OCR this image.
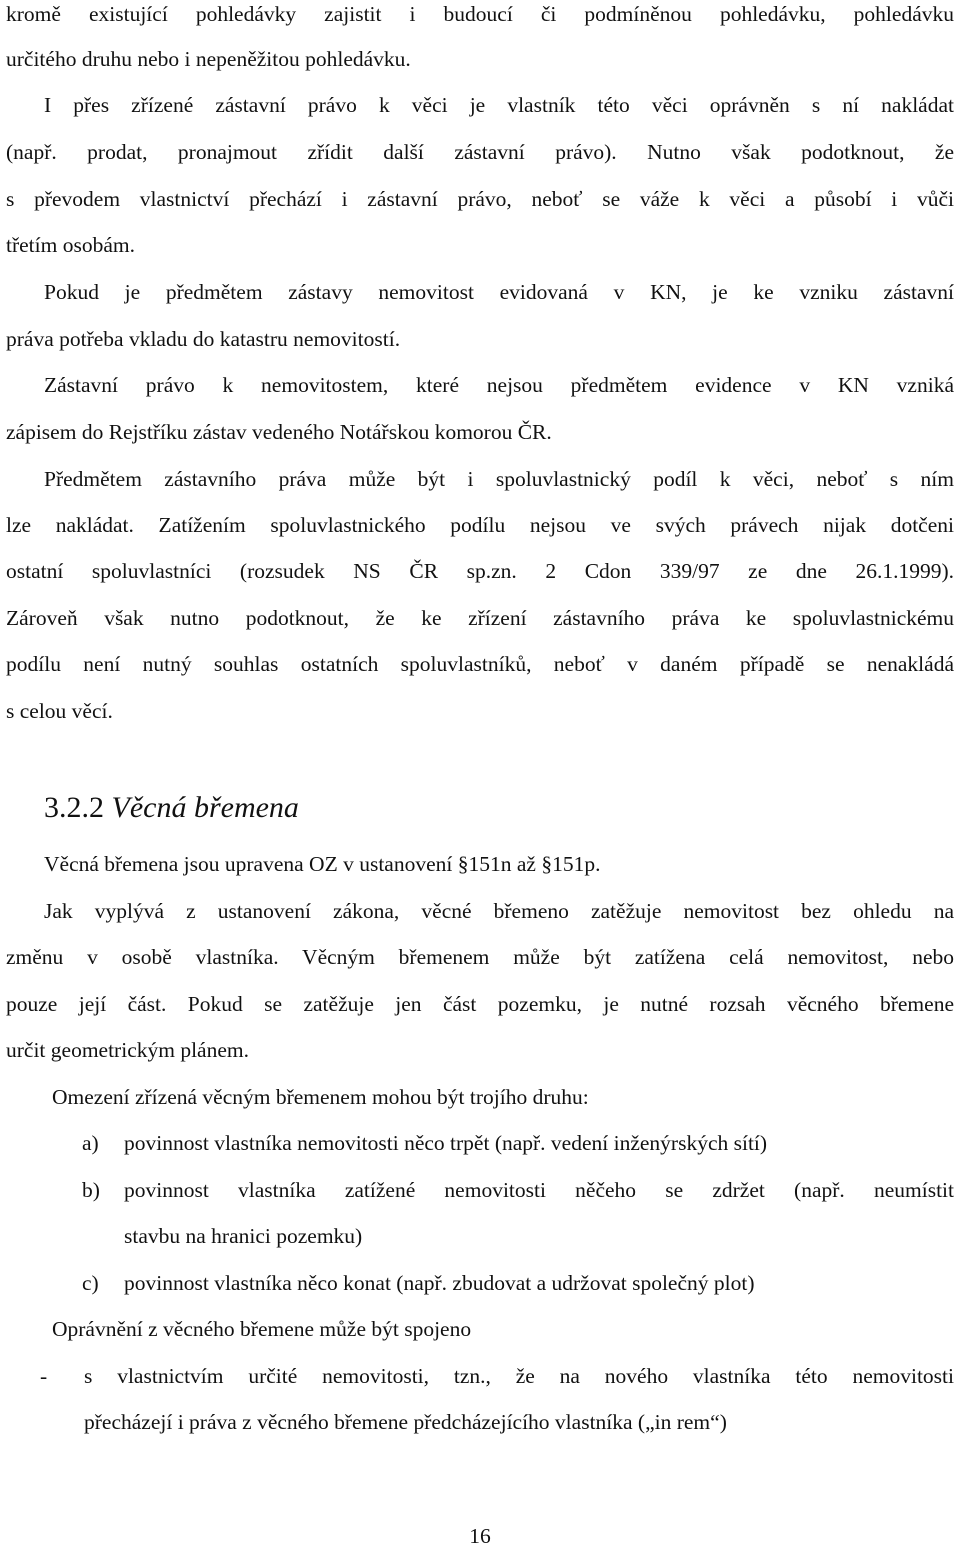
kromě existující pohledávky zajistit i budoucí či podmíněnou pohledávku, pohledávku
určitého druhu nebo i nepeněžitou pohledávku.
I přes zřízené zástavní právo k věci je vlastník této věci oprávněn s ní nakládat
(např. prodat, pronajmout zřídit další zástavní právo). Nutno však podotknout, že
s převodem vlastnictví přechází i zástavní právo, neboť se váže k věci a působí i vůči
třetím osobám.
Pokud je předmětem zástavy nemovitost evidovaná v KN, je ke vzniku zástavní
práva potřeba vkladu do katastru nemovitostí.
Zástavní právo k nemovitostem, které nejsou předmětem evidence v KN vzniká
zápisem do Rejstříku zástav vedeného Notářskou komorou ČR.
Předmětem zástavního práva může být i spoluvlastnický podíl k věci, neboť s ním
lze nakládat. Zatížením spoluvlastnického podílu nejsou ve svých právech nijak dotčeni
ostatní spoluvlastníci (rozsudek NS ČR sp.zn. 2 Cdon 339/97 ze dne 26.1.1999).
Zároveň však nutno podotknout, že ke zřízení zástavního práva ke spoluvlastnickému
podílu není nutný souhlas ostatních spoluvlastníků, neboť v daném případě se nenakládá
s celou věcí.
3.2.2 Věcná břemena
Věcná břemena jsou upravena OZ v ustanovení §151n až §151p.
Jak vyplývá z ustanovení zákona, věcné břemeno zatěžuje nemovitost bez ohledu na
změnu v osobě vlastníka. Věcným břemenem může být zatížena celá nemovitost, nebo
pouze její část. Pokud se zatěžuje jen část pozemku, je nutné rozsah věcného břemene
určit geometrickým plánem.
Omezení zřízená věcným břemenem mohou být trojího druhu:
a) povinnost vlastníka nemovitosti něco trpět (např. vedení inženýrských sítí)
b) povinnost vlastníka zatížené nemovitosti něčeho se zdržet (např. neumístit
stavbu na hranici pozemku)
c) povinnost vlastníka něco konat (např. zbudovat a udržovat společný plot)
Oprávnění z věcného břemene může být spojeno
- s vlastnictvím určité nemovitosti, tzn., že na nového vlastníka této nemovitosti
přecházejí i práva z věcného břemene předcházejícího vlastníka („in rem“)
16
